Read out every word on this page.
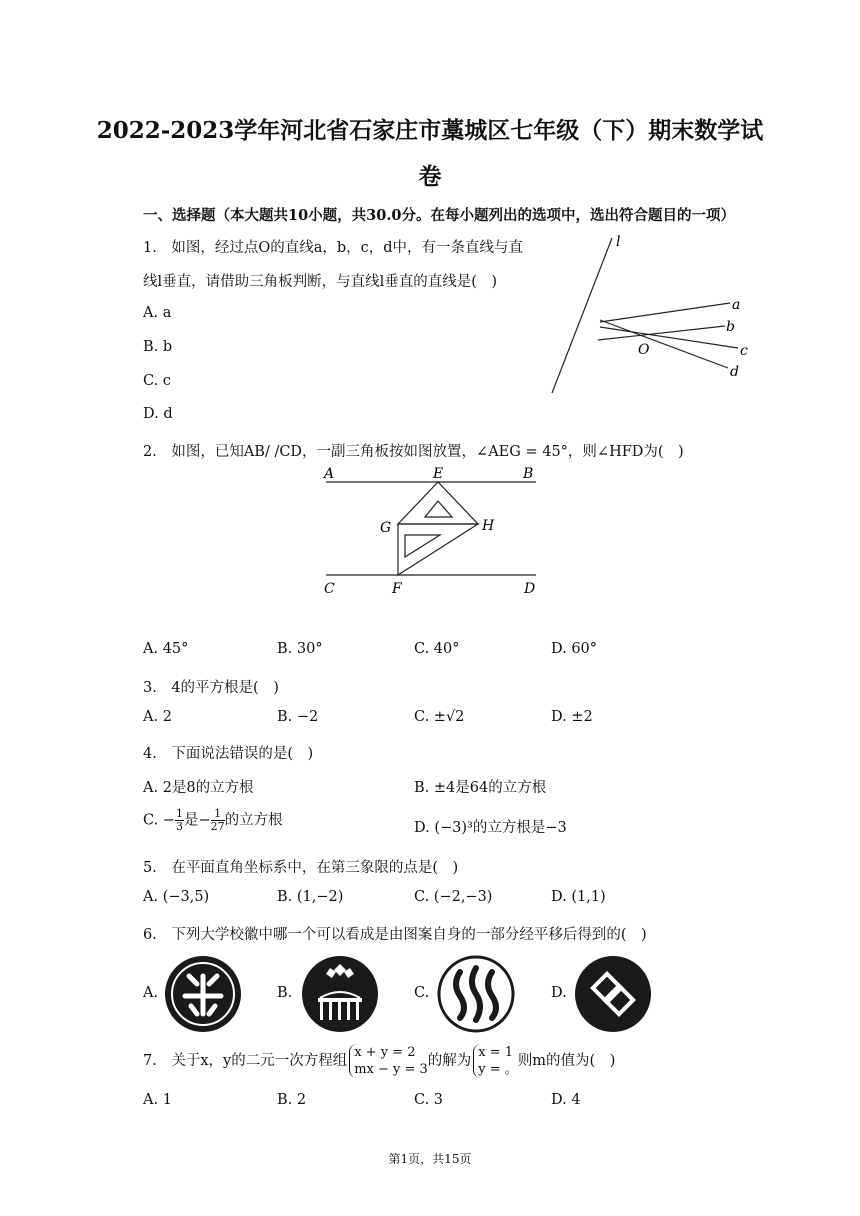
2022-2023学年河北省石家庄市藁城区七年级（下）期末数学试
卷
一、选择题（本大题共10小题，共30.0分。在每小题列出的选项中，选出符合题目的一项）
1.　如图，经过点O的直线a，b，c，d中，有一条直线与直
线l垂直，请借助三角板判断，与直线l垂直的直线是(　)
A. a
B. b
C. c
D. d
l
a
b
O	c
d
2.　如图，已知AB/ /CD，一副三角板按如图放置，∠AEG = 45°，则∠HFD为(　)
A	E	B
G	H
C	F	D
A. 45°	B. 30°	C. 40°	D. 60°
3.　4的平方根是(　)
A. 2	B. −2	C. ±√2	D. ±2
4.　下面说法错误的是(　)
A. 2是8的立方根	B. ±4是64的立方根
C. − $\frac{1}{3}$ 是− $\frac{1}{27}$ 的立方根	D. (−3)³的立方根是−3
5.　在平面直角坐标系中，在第三象限的点是(　)
A. (−3,5)	B. (1,−2)	C. (−2,−3)	D. (1,1)
6.　下列大学校徽中哪一个可以看成是由图案自身的一部分经平移后得到的(　)
A.	B.	C.	D.
7.　关于x，y的二元一次方程组
x + y = 2
mx − y = 3
的解为
x = 1
y = 。
则m的值为(　)
A. 1	B. 2	C. 3	D. 4
第1页，共15页
